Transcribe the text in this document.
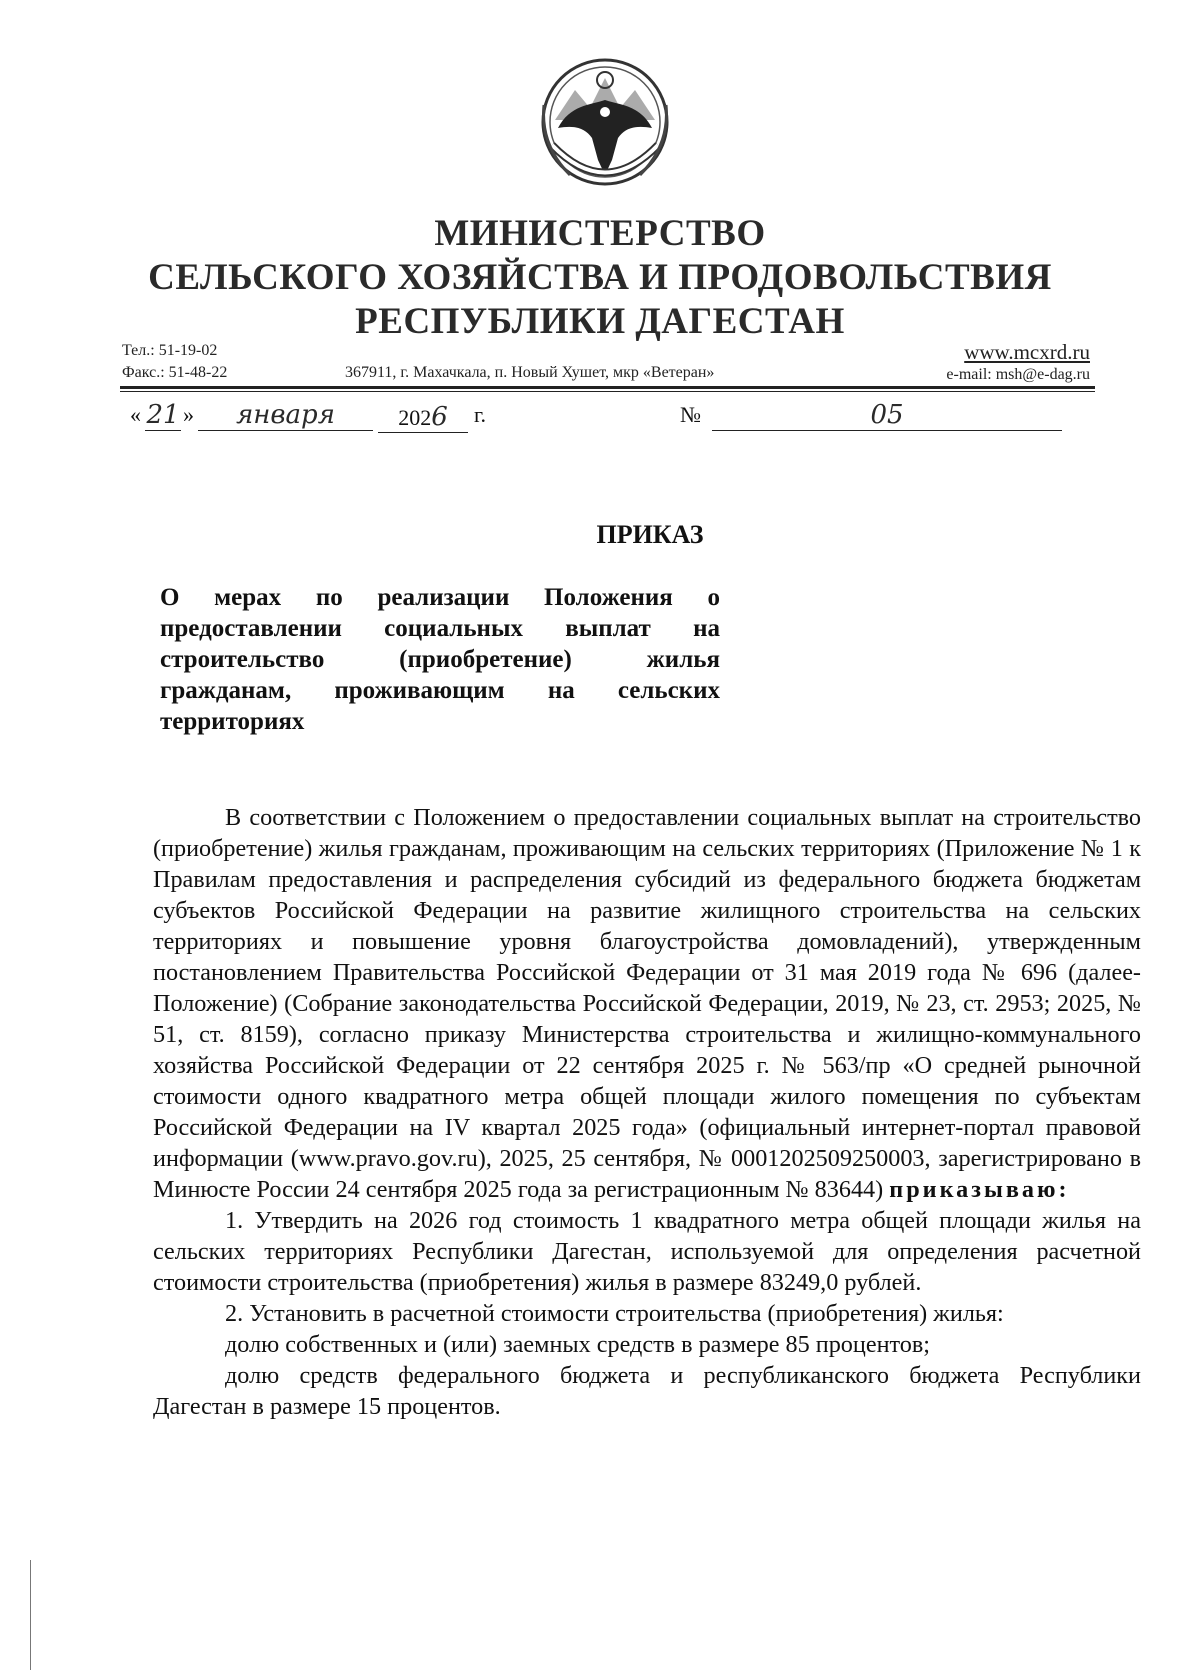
МИНИСТЕРСТВО
СЕЛЬСКОГО ХОЗЯЙСТВА И ПРОДОВОЛЬСТВИЯ
РЕСПУБЛИКИ ДАГЕСТАН
Тел.: 51-19-02
Факс.: 51-48-22	367911, г. Махачкала, п. Новый Хушет, мкр «Ветеран»
www.mcxrd.ru
e-mail: msh@e-dag.ru
« 21 »	января	2026	г.	№	05
ПРИКАЗ
О мерах по реализации Положения о предоставлении социальных выплат на строительство (приобретение) жилья гражданам, проживающим на сельских территориях

В соответствии с Положением о предоставлении социальных выплат на строительство (приобретение) жилья гражданам, проживающим на сельских территориях (Приложение № 1 к Правилам предоставления и распределения субсидий из федерального бюджета бюджетам субъектов Российской Федерации на развитие жилищного строительства на сельских территориях и повышение уровня благоустройства домовладений), утвержденным постановлением Правительства Российской Федерации от 31 мая 2019 года № 696 (далее-Положение) (Собрание законодательства Российской Федерации, 2019, № 23, ст. 2953; 2025, № 51, ст. 8159), согласно приказу Министерства строительства и жилищно-коммунального хозяйства Российской Федерации от 22 сентября 2025 г. № 563/пр «О средней рыночной стоимости одного квадратного метра общей площади жилого помещения по субъектам Российской Федерации на IV квартал 2025 года» (официальный интернет-портал правовой информации (www.pravo.gov.ru), 2025, 25 сентября, № 0001202509250003, зарегистрировано в Минюсте России 24 сентября 2025 года за регистрационным № 83644) приказываю:

1. Утвердить на 2026 год стоимость 1 квадратного метра общей площади жилья на сельских территориях Республики Дагестан, используемой для определения расчетной стоимости строительства (приобретения) жилья в размере 83249,0 рублей.

2. Установить в расчетной стоимости строительства (приобретения) жилья:

долю собственных и (или) заемных средств в размере 85 процентов;

долю средств федерального бюджета и республиканского бюджета Республики Дагестан в размере 15 процентов.
